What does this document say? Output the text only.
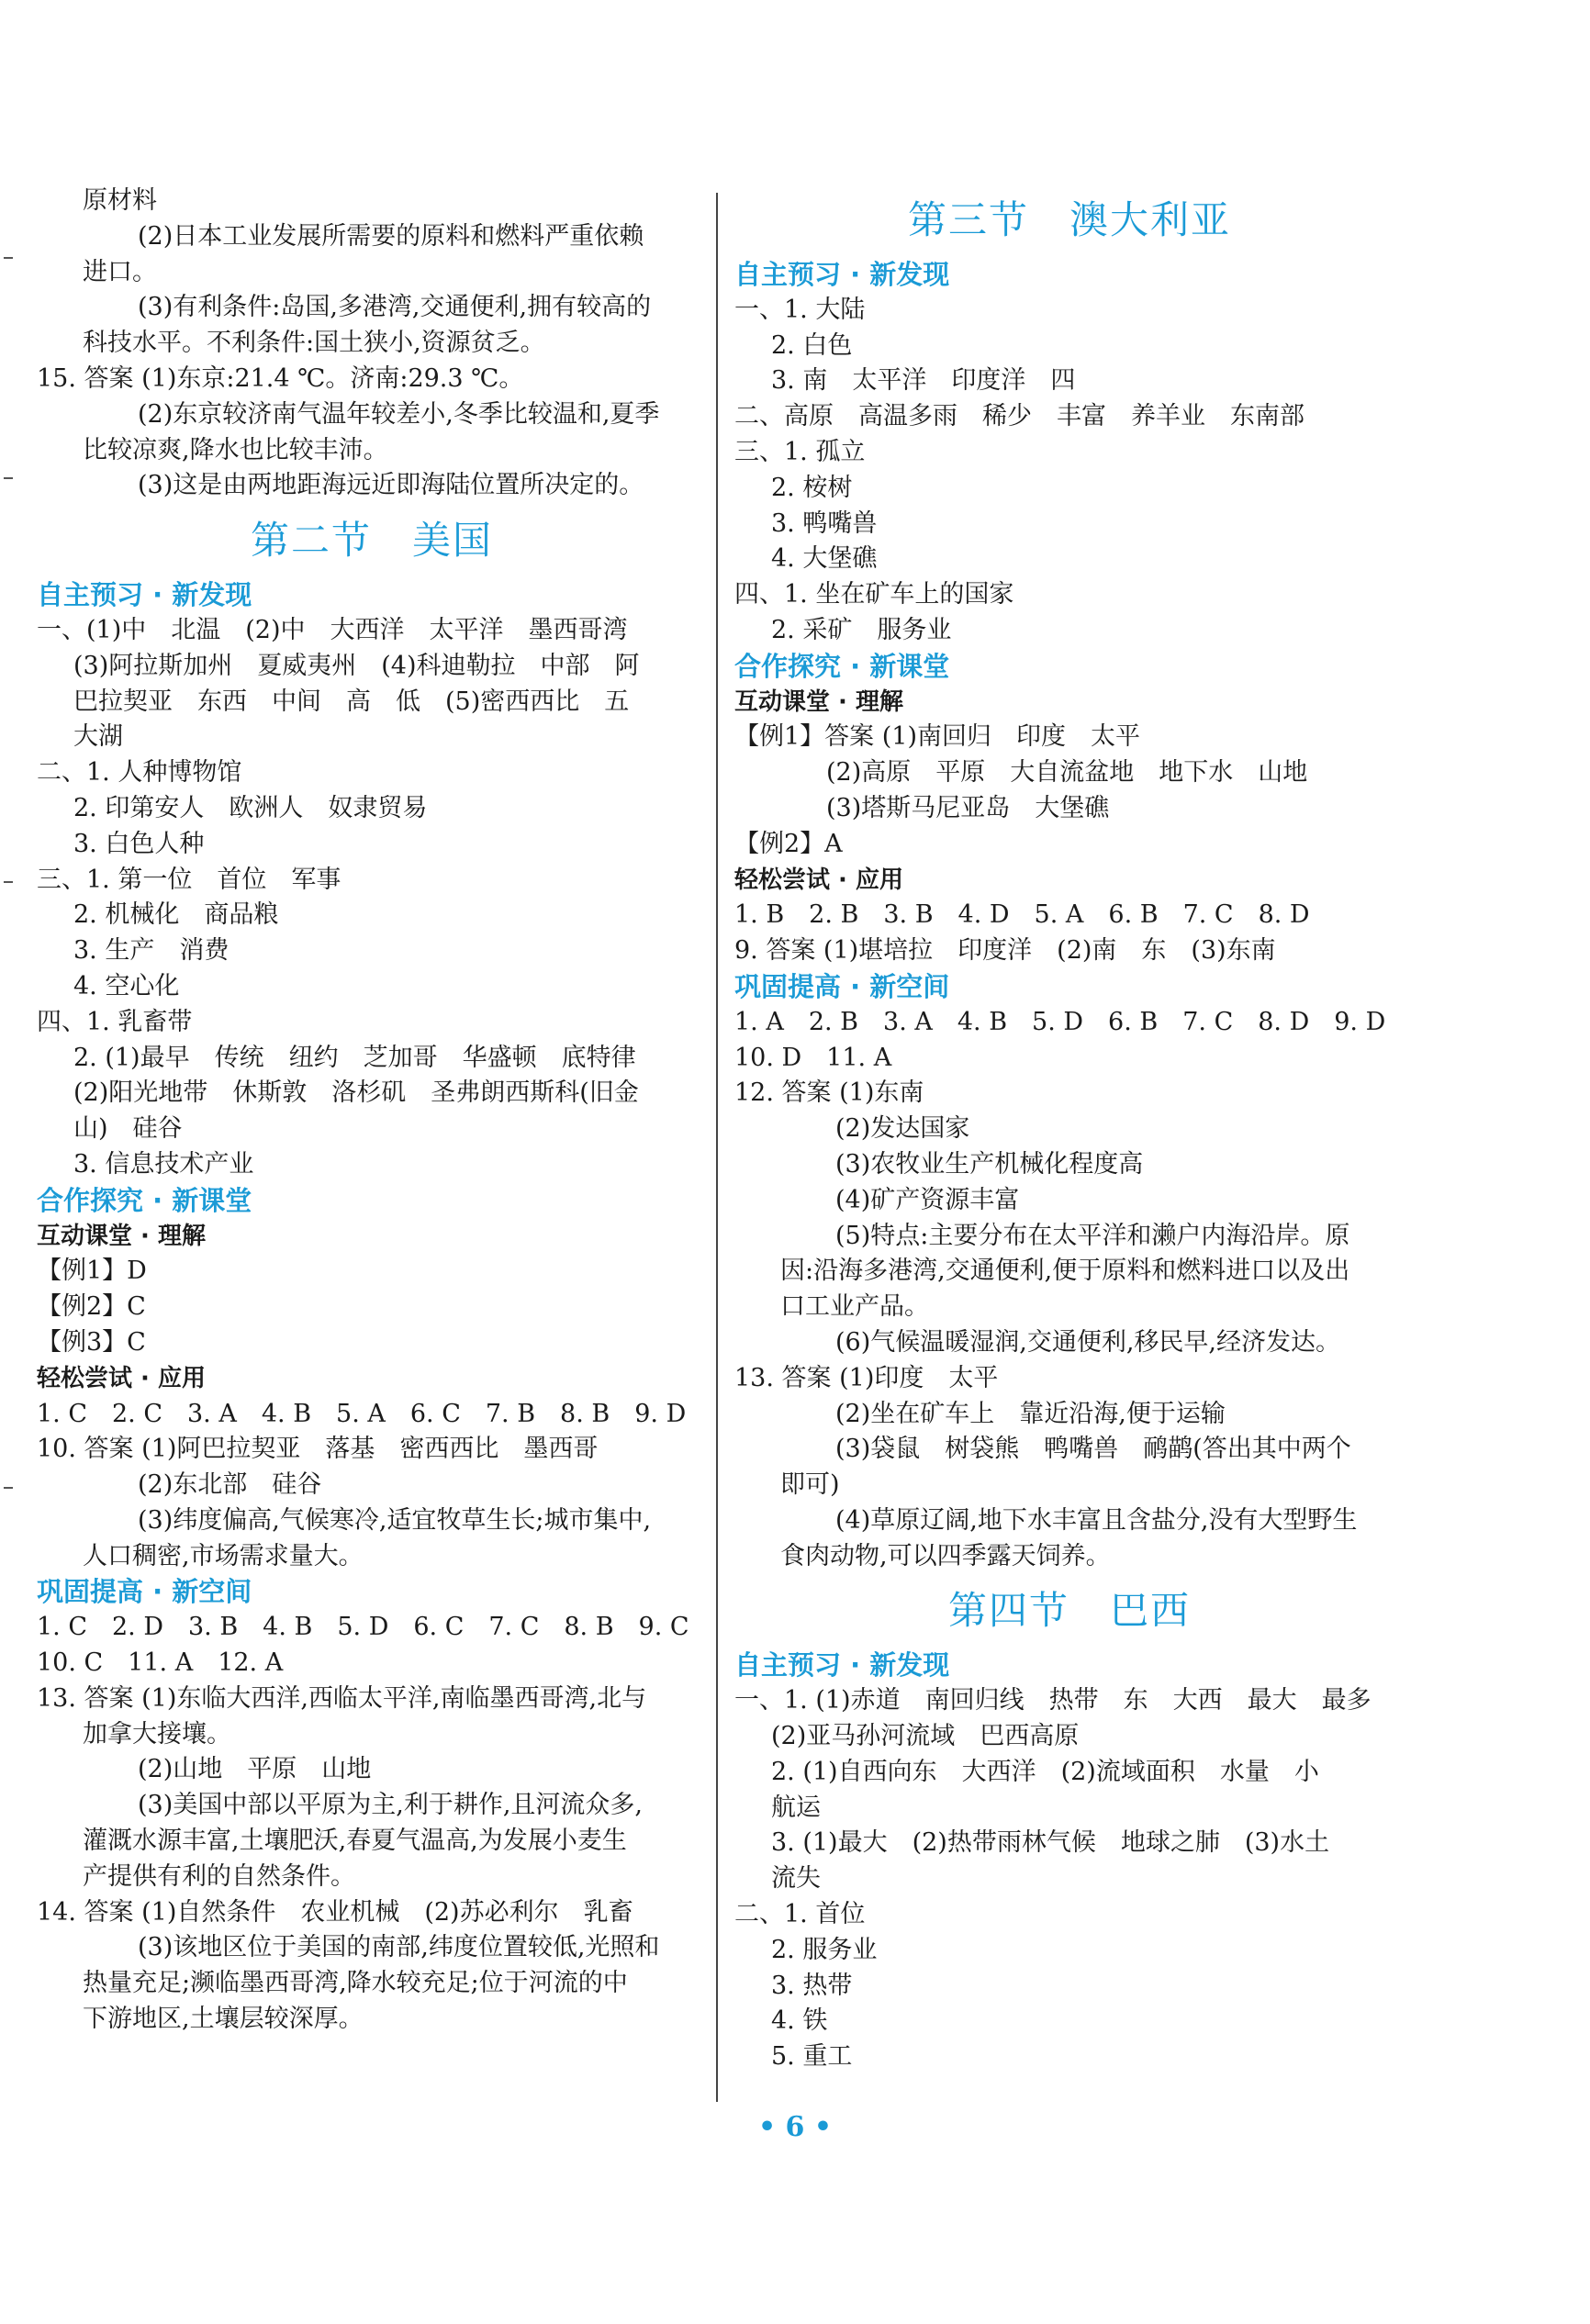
原材料
(2)日本工业发展所需要的原料和燃料严重依赖
进口。
(3)有利条件:岛国,多港湾,交通便利,拥有较高的
科技水平。不利条件:国土狭小,资源贫乏。
15. 答案 (1)东京:21.4 ℃。济南:29.3 ℃。
(2)东京较济南气温年较差小,冬季比较温和,夏季
比较凉爽,降水也比较丰沛。
(3)这是由两地距海远近即海陆位置所决定的。
第二节　美国
自主预习 · 新发现
一、(1)中　北温　(2)中　大西洋　太平洋　墨西哥湾
(3)阿拉斯加州　夏威夷州　(4)科迪勒拉　中部　阿
巴拉契亚　东西　中间　高　低　(5)密西西比　五
大湖
二、1. 人种博物馆
2. 印第安人　欧洲人　奴隶贸易
3. 白色人种
三、1. 第一位　首位　军事
2. 机械化　商品粮
3. 生产　消费
4. 空心化
四、1. 乳畜带
2. (1)最早　传统　纽约　芝加哥　华盛顿　底特律
(2)阳光地带　休斯敦　洛杉矶　圣弗朗西斯科(旧金
山)　硅谷
3. 信息技术产业
合作探究 · 新课堂
互动课堂 · 理解
【例1】D
【例2】C
【例3】C
轻松尝试 · 应用
1. C　2. C　3. A　4. B　5. A　6. C　7. B　8. B　9. D
10. 答案 (1)阿巴拉契亚　落基　密西西比　墨西哥
(2)东北部　硅谷
(3)纬度偏高,气候寒冷,适宜牧草生长;城市集中,
人口稠密,市场需求量大。
巩固提高 · 新空间
1. C　2. D　3. B　4. B　5. D　6. C　7. C　8. B　9. C
10. C　11. A　12. A
13. 答案 (1)东临大西洋,西临太平洋,南临墨西哥湾,北与
加拿大接壤。
(2)山地　平原　山地
(3)美国中部以平原为主,利于耕作,且河流众多,
灌溉水源丰富,土壤肥沃,春夏气温高,为发展小麦生
产提供有利的自然条件。
14. 答案 (1)自然条件　农业机械　(2)苏必利尔　乳畜
(3)该地区位于美国的南部,纬度位置较低,光照和
热量充足;濒临墨西哥湾,降水较充足;位于河流的中
下游地区,土壤层较深厚。
第三节　澳大利亚
自主预习 · 新发现
一、1. 大陆
2. 白色
3. 南　太平洋　印度洋　四
二、高原　高温多雨　稀少　丰富　养羊业　东南部
三、1. 孤立
2. 桉树
3. 鸭嘴兽
4. 大堡礁
四、1. 坐在矿车上的国家
2. 采矿　服务业
合作探究 · 新课堂
互动课堂 · 理解
【例1】答案 (1)南回归　印度　太平
(2)高原　平原　大自流盆地　地下水　山地
(3)塔斯马尼亚岛　大堡礁
【例2】A
轻松尝试 · 应用
1. B　2. B　3. B　4. D　5. A　6. B　7. C　8. D
9. 答案 (1)堪培拉　印度洋　(2)南　东　(3)东南
巩固提高 · 新空间
1. A　2. B　3. A　4. B　5. D　6. B　7. C　8. D　9. D
10. D　11. A
12. 答案 (1)东南
(2)发达国家
(3)农牧业生产机械化程度高
(4)矿产资源丰富
(5)特点:主要分布在太平洋和濑户内海沿岸。原
因:沿海多港湾,交通便利,便于原料和燃料进口以及出
口工业产品。
(6)气候温暖湿润,交通便利,移民早,经济发达。
13. 答案 (1)印度　太平
(2)坐在矿车上　靠近沿海,便于运输
(3)袋鼠　树袋熊　鸭嘴兽　鸸鹋(答出其中两个
即可)
(4)草原辽阔,地下水丰富且含盐分,没有大型野生
食肉动物,可以四季露天饲养。
第四节　巴西
自主预习 · 新发现
一、1. (1)赤道　南回归线　热带　东　大西　最大　最多
(2)亚马孙河流域　巴西高原
2. (1)自西向东　大西洋　(2)流域面积　水量　小
航运
3. (1)最大　(2)热带雨林气候　地球之肺　(3)水土
流失
二、1. 首位
2. 服务业
3. 热带
4. 铁
5. 重工
• 6 •
